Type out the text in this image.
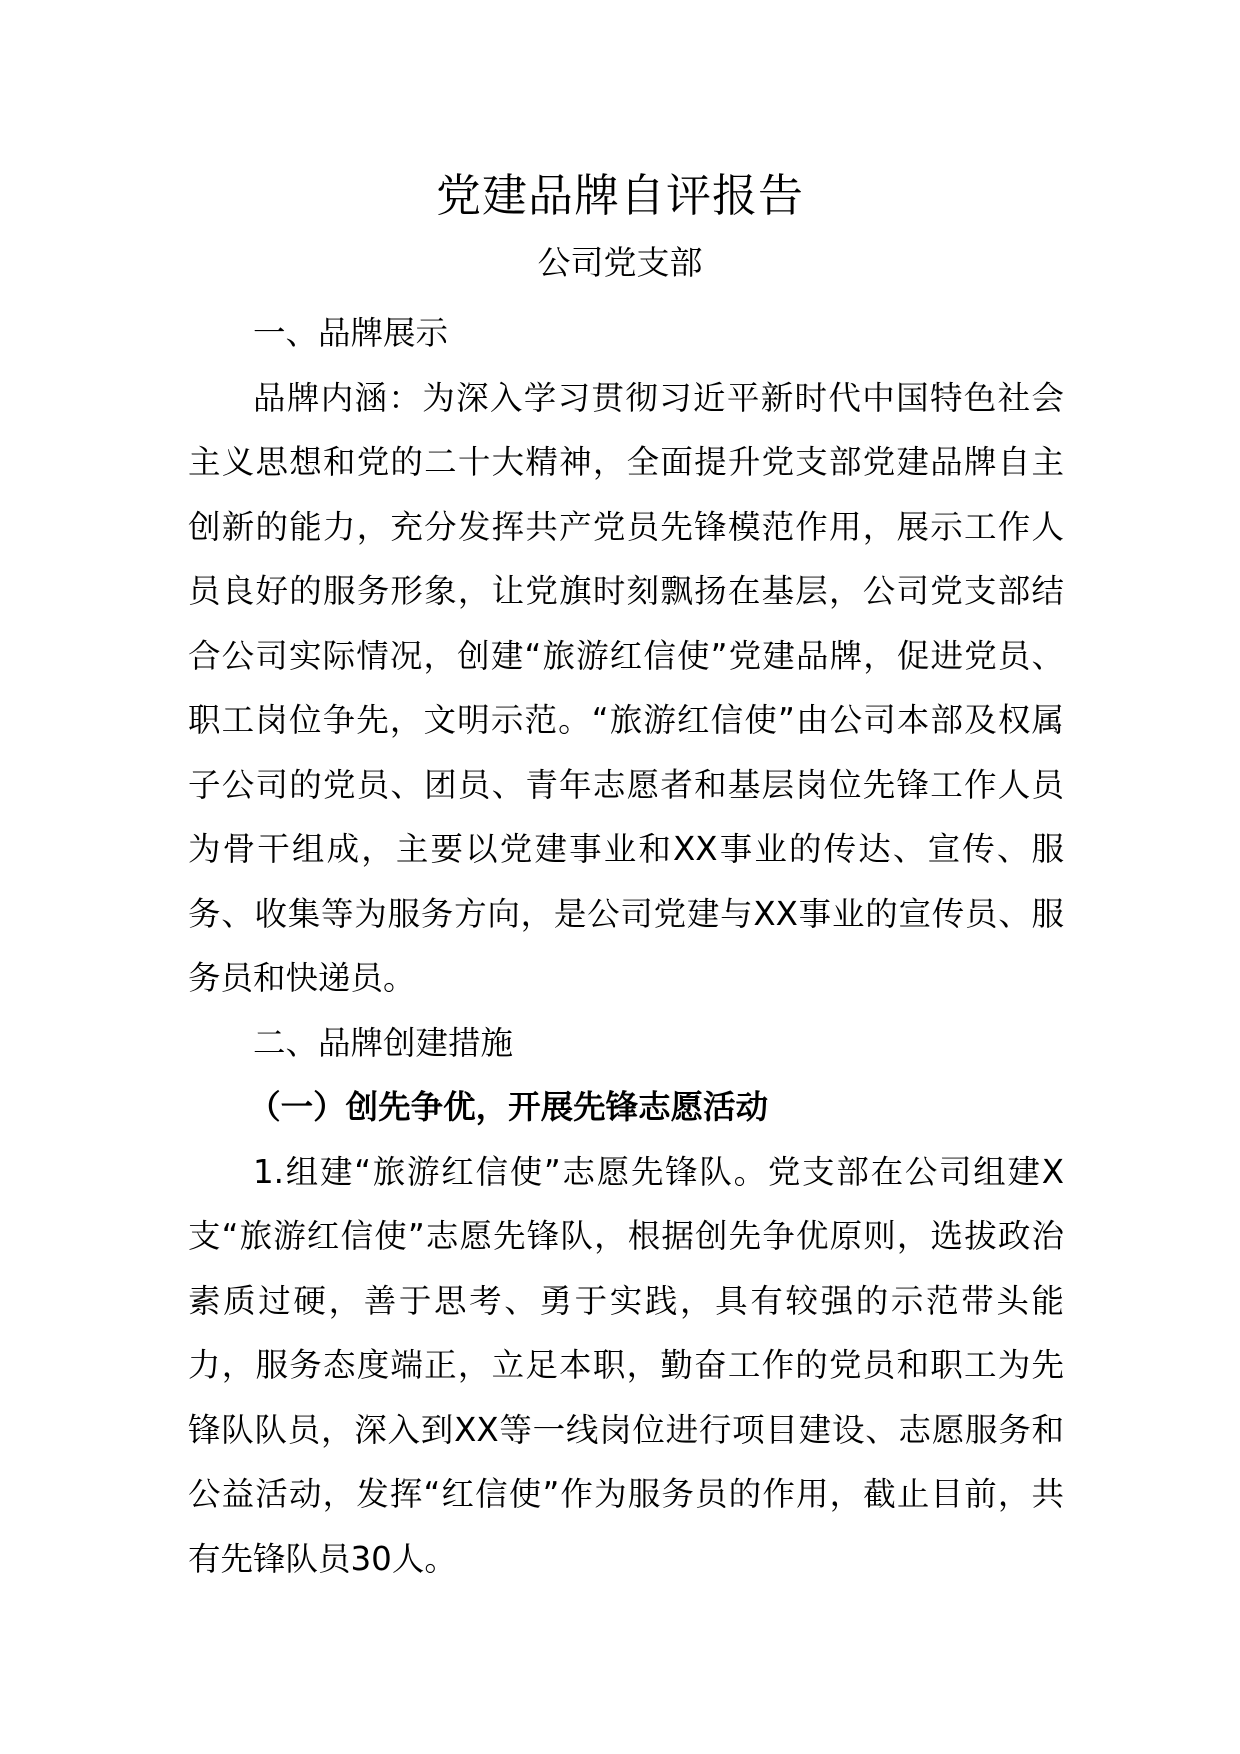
党建品牌自评报告
公司党支部

一、品牌展示

品牌内涵：为深入学习贯彻习近平新时代中国特色社会主义思想和党的二十大精神，全面提升党支部党建品牌自主创新的能力，充分发挥共产党员先锋模范作用，展示工作人员良好的服务形象，让党旗时刻飘扬在基层，公司党支部结合公司实际情况，创建“旅游红信使”党建品牌，促进党员、职工岗位争先，文明示范。“旅游红信使”由公司本部及权属子公司的党员、团员、青年志愿者和基层岗位先锋工作人员为骨干组成，主要以党建事业和XX事业的传达、宣传、服务、收集等为服务方向，是公司党建与XX事业的宣传员、服务员和快递员。

二、品牌创建措施

（一）创先争优，开展先锋志愿活动

1.组建“旅游红信使”志愿先锋队。党支部在公司组建X支“旅游红信使”志愿先锋队，根据创先争优原则，选拔政治素质过硬，善于思考、勇于实践，具有较强的示范带头能力，服务态度端正，立足本职，勤奋工作的党员和职工为先锋队队员，深入到XX等一线岗位进行项目建设、志愿服务和公益活动，发挥“红信使”作为服务员的作用，截止目前，共有先锋队员30人。
